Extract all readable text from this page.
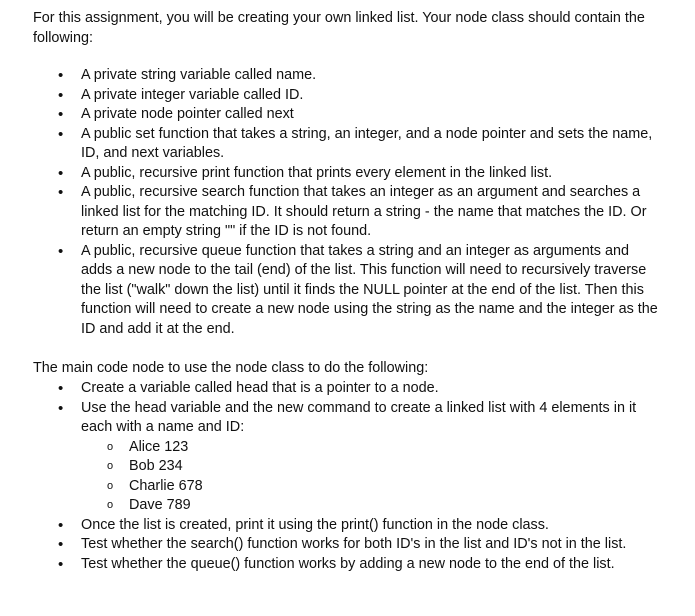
For this assignment, you will be creating your own linked list. Your node class should contain the following:

• A private string variable called name.
• A private integer variable called ID.
• A private node pointer called next
• A public set function that takes a string, an integer, and a node pointer and sets the name, ID, and next variables.
• A public, recursive print function that prints every element in the linked list.
• A public, recursive search function that takes an integer as an argument and searches a linked list for the matching ID. It should return a string - the name that matches the ID. Or return an empty string "" if the ID is not found.
• A public, recursive queue function that takes a string and an integer as arguments and adds a new node to the tail (end) of the list. This function will need to recursively traverse the list ("walk" down the list) until it finds the NULL pointer at the end of the list. Then this function will need to create a new node using the string as the name and the integer as the ID and add it at the end.

The main code node to use the node class to do the following:

• Create a variable called head that is a pointer to a node.
• Use the head variable and the new command to create a linked list with 4 elements in it each with a name and ID:
o Alice 123
o Bob 234
o Charlie 678
o Dave 789
• Once the list is created, print it using the print() function in the node class.
• Test whether the search() function works for both ID's in the list and ID's not in the list.
• Test whether the queue() function works by adding a new node to the end of the list.
